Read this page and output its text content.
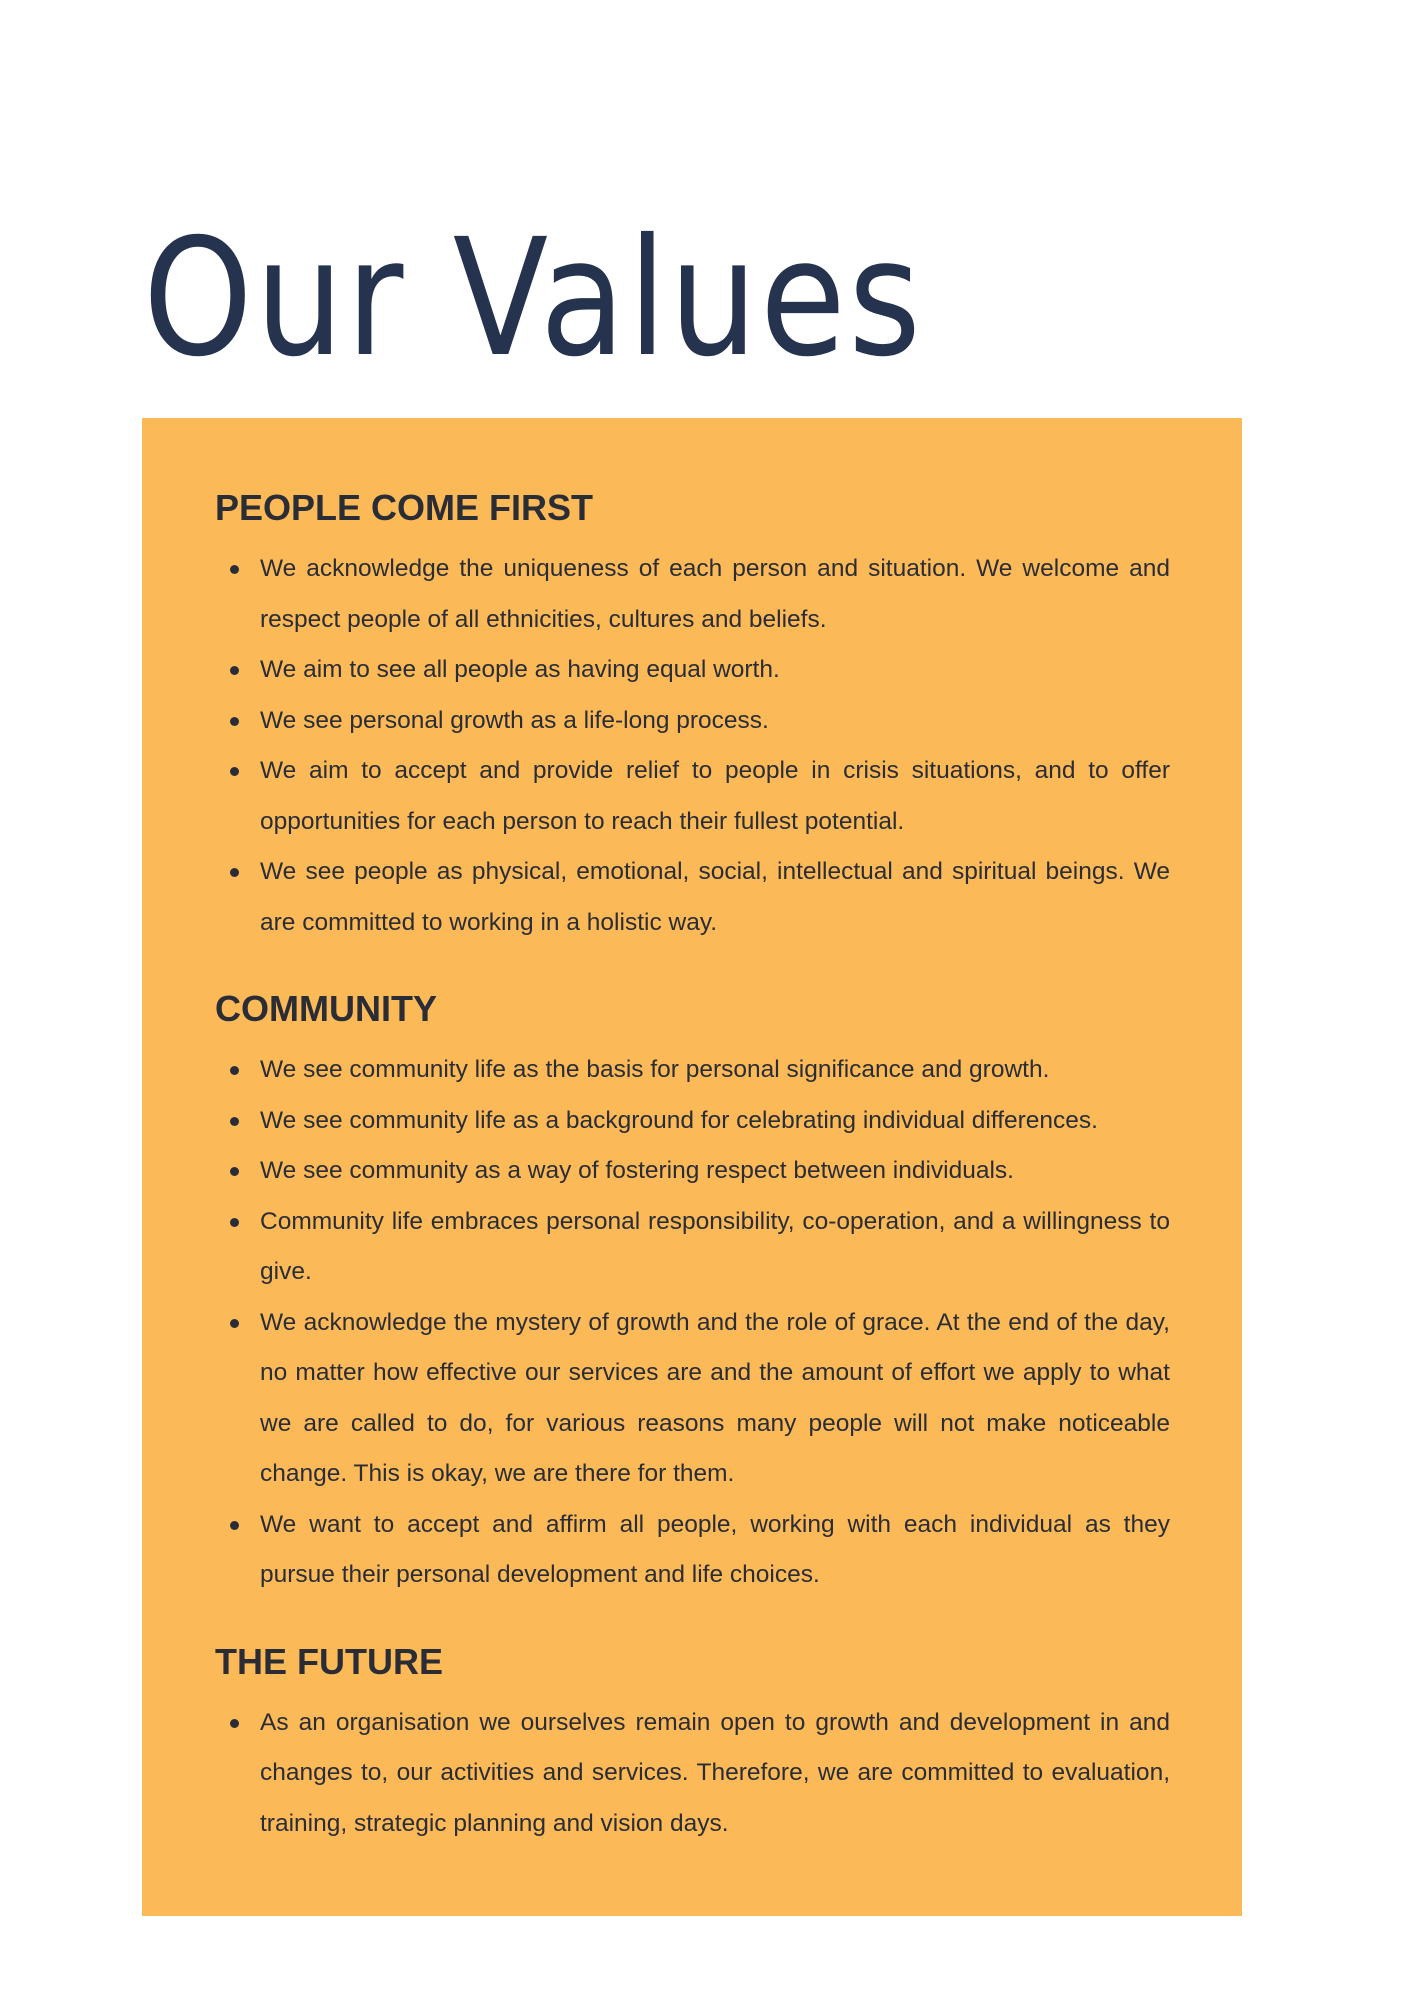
Our Values
PEOPLE COME FIRST
We acknowledge the uniqueness of each person and situation. We welcome and respect people of all ethnicities, cultures and beliefs.
We aim to see all people as having equal worth.
We see personal growth as a life-long process.
We aim to accept and provide relief to people in crisis situations, and to offer opportunities for each person to reach their fullest potential.
We see people as physical, emotional, social, intellectual and spiritual beings. We are committed to working in a holistic way.
COMMUNITY
We see community life as the basis for personal significance and growth.
We see community life as a background for celebrating individual differences.
We see community as a way of fostering respect between individuals.
Community life embraces personal responsibility, co-operation, and a willingness to give.
We acknowledge the mystery of growth and the role of grace. At the end of the day, no matter how effective our services are and the amount of effort we apply to what we are called to do, for various reasons many people will not make noticeable change. This is okay, we are there for them.
We want to accept and affirm all people, working with each individual as they pursue their personal development and life choices.
THE FUTURE
As an organisation we ourselves remain open to growth and development in and changes to, our activities and services. Therefore, we are committed to evaluation, training, strategic planning and vision days.
